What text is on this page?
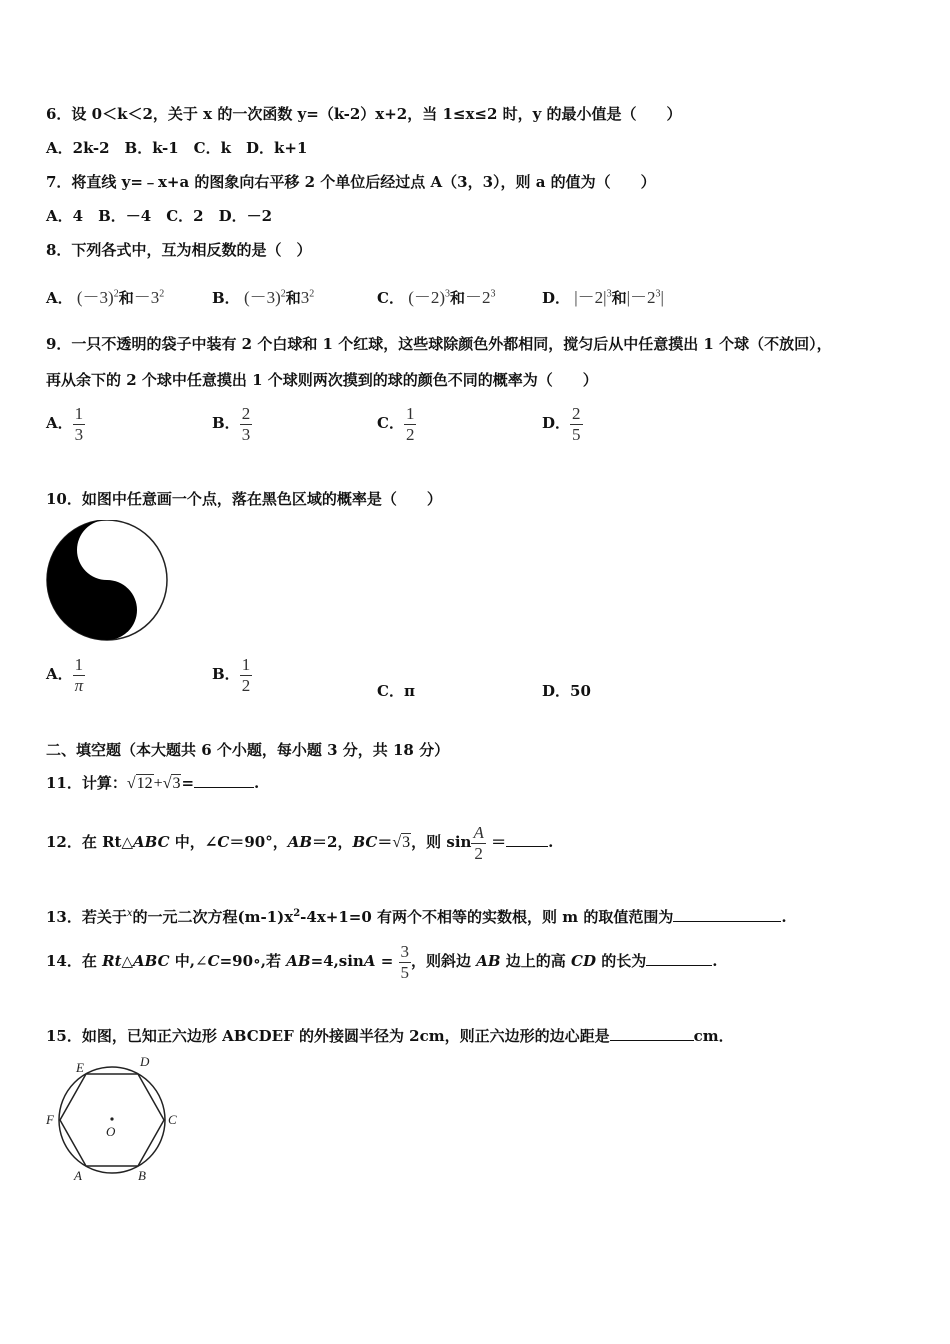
6．设 0＜k＜2，关于 x 的一次函数 y=（k-2）x+2，当 1≤x≤2 时，y 的最小值是（　　）
A．2k-2　B．k-1　C．k　D．k+1
7．将直线 y=﹣x+a 的图象向右平移 2 个单位后经过点 A（3，3），则 a 的值为（　　）
A．4　B．－4　C．2　D．－2
8．下列各式中，互为相反数的是（　）
A． $(-3)^2$和$-3^2$	B． $(-3)^2$和$3^2$	C． $(-2)^3$和$-2^3$	D． $|-2|^3$和$|-2^3|$
9．一只不透明的袋子中装有 2 个白球和 1 个红球，这些球除颜色外都相同，搅匀后从中任意摸出 1 个球（不放回），
再从余下的 2 个球中任意摸出 1 个球则两次摸到的球的颜色不同的概率为（　　）
A． $\frac{1}{3}$	B． $\frac{2}{3}$	C． $\frac{1}{2}$	D． $\frac{2}{5}$
10．如图中任意画一个点，落在黑色区域的概率是（　　）
A． $\frac{1}{\pi}$	B． $\frac{1}{2}$	C．π	D．50
二、填空题（本大题共 6 个小题，每小题 3 分，共 18 分）
11．计算：√12+√3=	.
12．在 Rt△ABC 中，∠C＝90°，AB＝2，BC＝√3，则 $\sin \frac{A}{2}$ ＝	.
13．若关于$^x$的一元二次方程$(m-1)x^2-4x+1=0$ 有两个不相等的实数根，则 m 的取值范围为	.
14．在 Rt△ABC 中,∠C=90∘,若 $AB=4,\sin A = \frac{3}{5}$ ，则斜边 AB 边上的高 CD 的长为	.
15．如图，已知正六边形 ABCDEF 的外接圆半径为 2cm，则正六边形的边心距是	cm．
A	B
C
D
E
F
O
